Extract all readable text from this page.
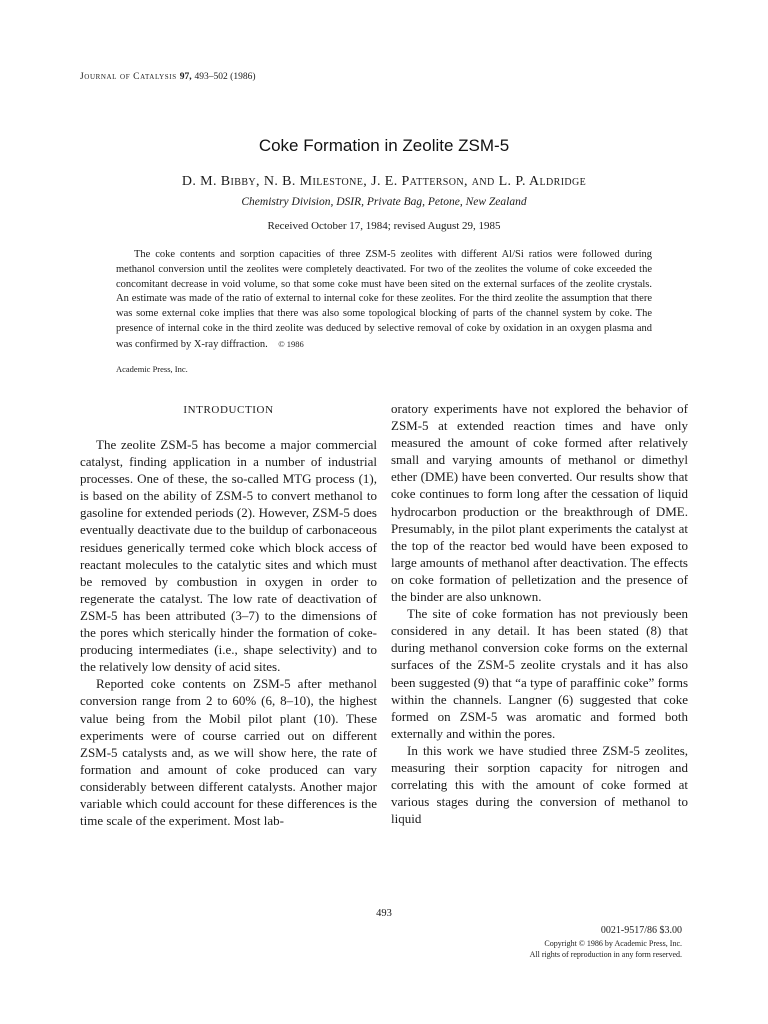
Journal of Catalysis 97, 493–502 (1986)
Coke Formation in Zeolite ZSM-5
D. M. Bibby, N. B. Milestone, J. E. Patterson, and L. P. Aldridge
Chemistry Division, DSIR, Private Bag, Petone, New Zealand
Received October 17, 1984; revised August 29, 1985
The coke contents and sorption capacities of three ZSM-5 zeolites with different Al/Si ratios were followed during methanol conversion until the zeolites were completely deactivated. For two of the zeolites the volume of coke exceeded the concomitant decrease in void volume, so that some coke must have been sited on the external surfaces of the zeolite crystals. An estimate was made of the ratio of external to internal coke for these zeolites. For the third zeolite the assumption that there was some external coke implies that there was also some topological blocking of parts of the channel system by coke. The presence of internal coke in the third zeolite was deduced by selective removal of coke by oxidation in an oxygen plasma and was confirmed by X-ray diffraction. © 1986
Academic Press, Inc.
INTRODUCTION

The zeolite ZSM-5 has become a major commercial catalyst, finding application in a number of industrial processes. One of these, the so-called MTG process (1), is based on the ability of ZSM-5 to convert methanol to gasoline for extended periods (2). However, ZSM-5 does eventually deactivate due to the buildup of carbonaceous residues generically termed coke which block access of reactant molecules to the catalytic sites and which must be removed by combustion in oxygen in order to regenerate the catalyst. The low rate of deactivation of ZSM-5 has been attributed (3–7) to the dimensions of the pores which sterically hinder the formation of coke-producing intermediates (i.e., shape selectivity) and to the relatively low density of acid sites.

Reported coke contents on ZSM-5 after methanol conversion range from 2 to 60% (6, 8–10), the highest value being from the Mobil pilot plant (10). These experiments were of course carried out on different ZSM-5 catalysts and, as we will show here, the rate of formation and amount of coke produced can vary considerably between different catalysts. Another major variable which could account for these differences is the time scale of the experiment. Most lab-

oratory experiments have not explored the behavior of ZSM-5 at extended reaction times and have only measured the amount of coke formed after relatively small and varying amounts of methanol or dimethyl ether (DME) have been converted. Our results show that coke continues to form long after the cessation of liquid hydrocarbon production or the breakthrough of DME. Presumably, in the pilot plant experiments the catalyst at the top of the reactor bed would have been exposed to large amounts of methanol after deactivation. The effects on coke formation of pelletization and the presence of the binder are also unknown.

The site of coke formation has not previously been considered in any detail. It has been stated (8) that during methanol conversion coke forms on the external surfaces of the ZSM-5 zeolite crystals and it has also been suggested (9) that “a type of paraffinic coke” forms within the channels. Langner (6) suggested that coke formed on ZSM-5 was aromatic and formed both externally and within the pores.

In this work we have studied three ZSM-5 zeolites, measuring their sorption capacity for nitrogen and correlating this with the amount of coke formed at various stages during the conversion of methanol to liquid

493
0021-9517/86 $3.00
Copyright © 1986 by Academic Press, Inc.
All rights of reproduction in any form reserved.
